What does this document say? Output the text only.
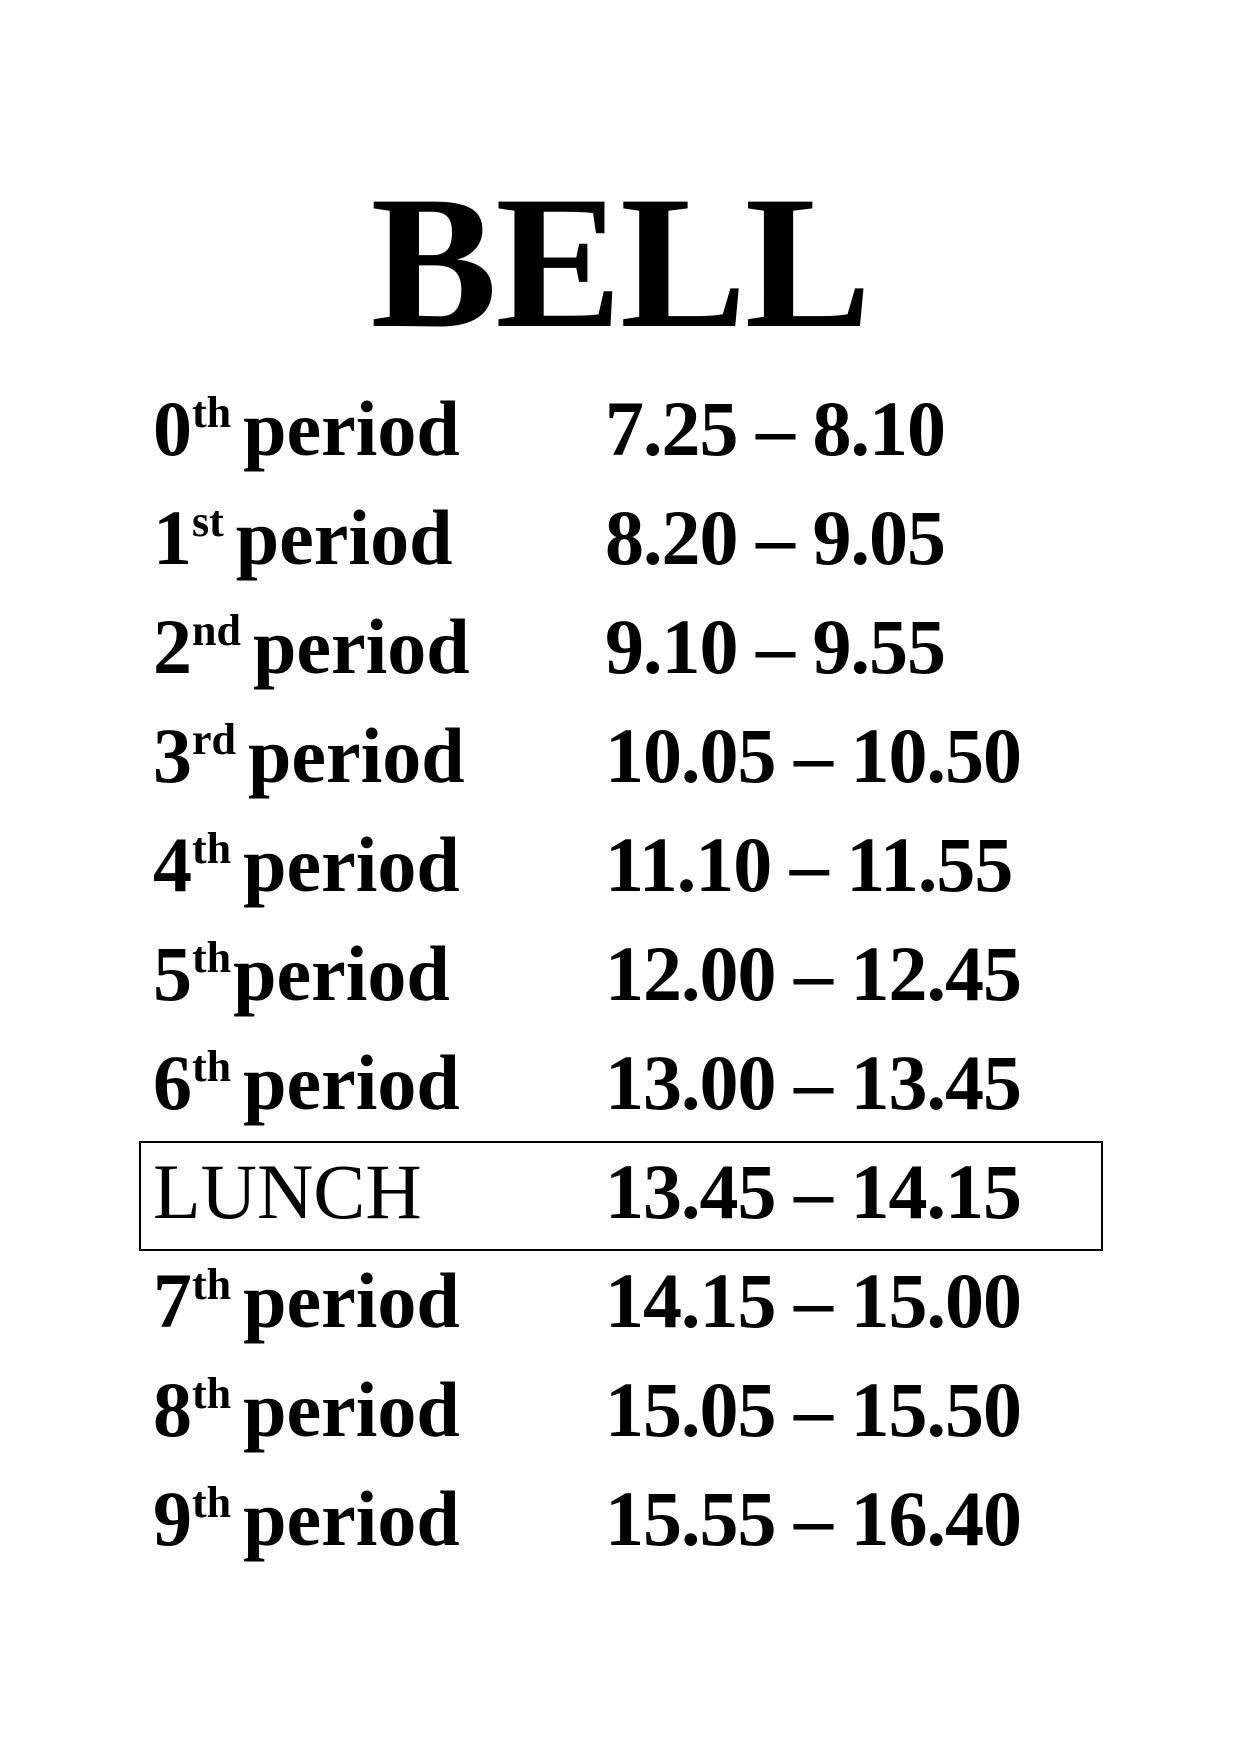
BELL
0th period 7.25 – 8.10
1st period 8.20 – 9.05
2nd period 9.10 – 9.55
3rd period 10.05 – 10.50
4th period 11.10 – 11.55
5thperiod 12.00 – 12.45
6th period 13.00 – 13.45
LUNCH 13.45 – 14.15
7th period 14.15 – 15.00
8th period 15.05 – 15.50
9th period 15.55 – 16.40
